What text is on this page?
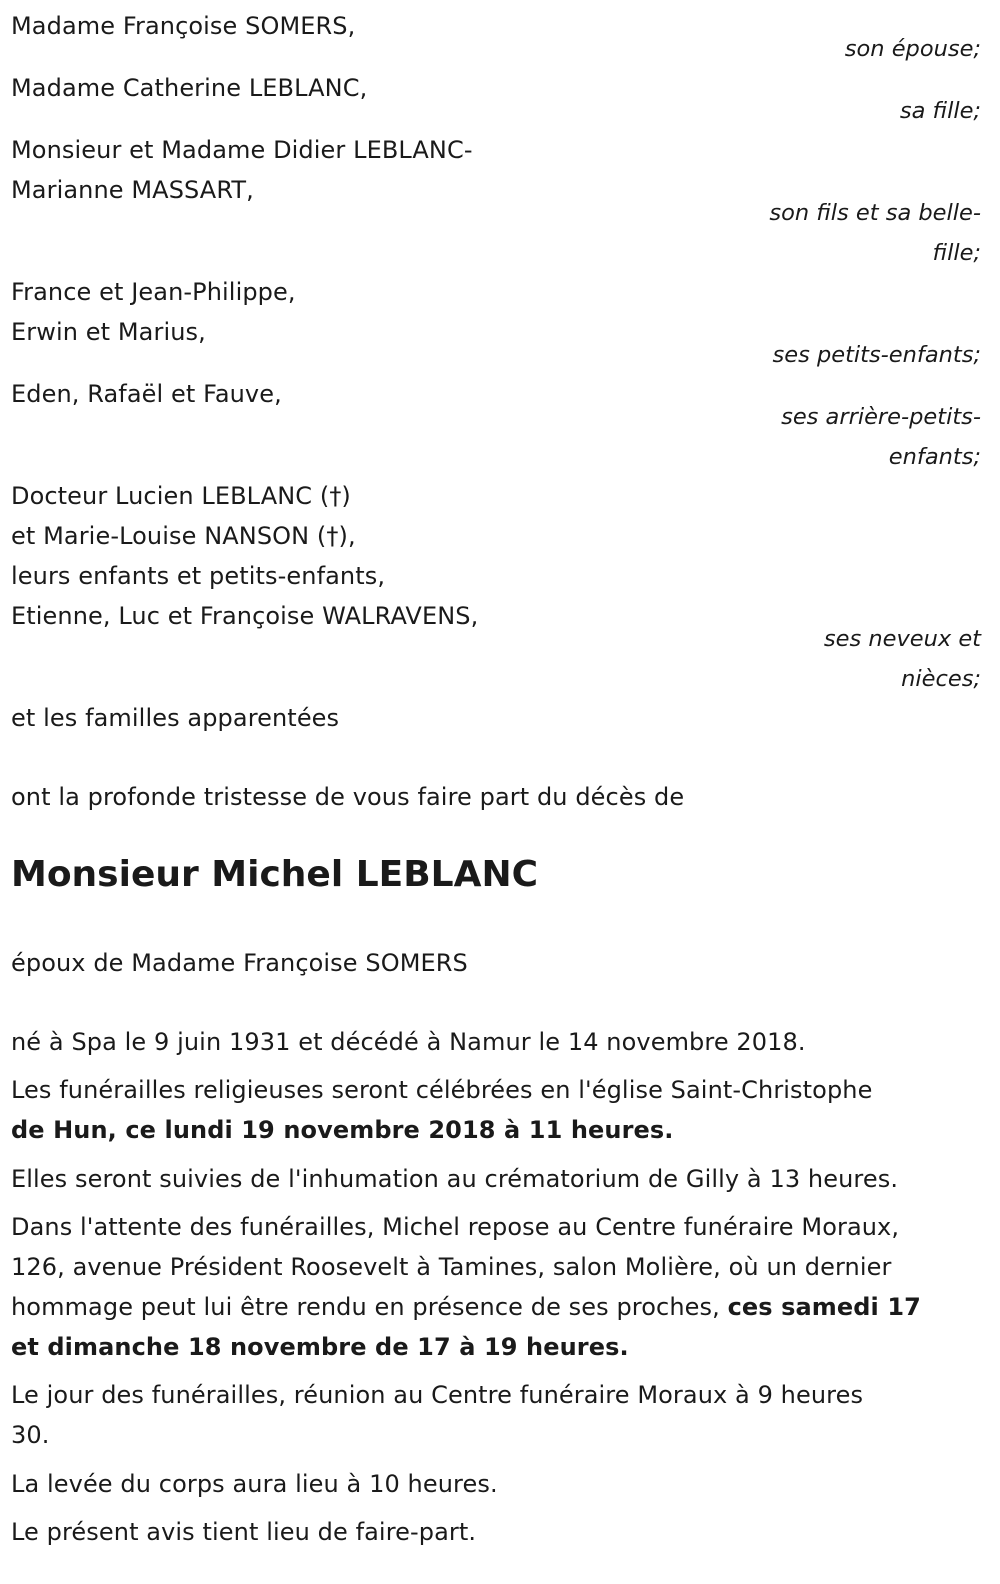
Madame Françoise SOMERS,
son épouse;
Madame Catherine LEBLANC,
sa fille;
Monsieur et Madame Didier LEBLANC-
Marianne MASSART,
son fils et sa belle-
fille;
France et Jean-Philippe,
Erwin et Marius,
ses petits-enfants;
Eden, Rafaël et Fauve,
ses arrière-petits-
enfants;
Docteur Lucien LEBLANC (†)
et Marie-Louise NANSON (†),
leurs enfants et petits-enfants,
Etienne, Luc et Françoise WALRAVENS,
ses neveux et
nièces;
et les familles apparentées
ont la profonde tristesse de vous faire part du décès de
Monsieur Michel LEBLANC
époux de Madame Françoise SOMERS
né à Spa le 9 juin 1931 et décédé à Namur le 14 novembre 2018.
Les funérailles religieuses seront célébrées en l'église Saint-Christophe
de Hun, ce lundi 19 novembre 2018 à 11 heures.
Elles seront suivies de l'inhumation au crématorium de Gilly à 13 heures.
Dans l'attente des funérailles, Michel repose au Centre funéraire Moraux,
126, avenue Président Roosevelt à Tamines, salon Molière, où un dernier
hommage peut lui être rendu en présence de ses proches, ces samedi 17
et dimanche 18 novembre de 17 à 19 heures.
Le jour des funérailles, réunion au Centre funéraire Moraux à 9 heures
30.
La levée du corps aura lieu à 10 heures.
Le présent avis tient lieu de faire-part.
